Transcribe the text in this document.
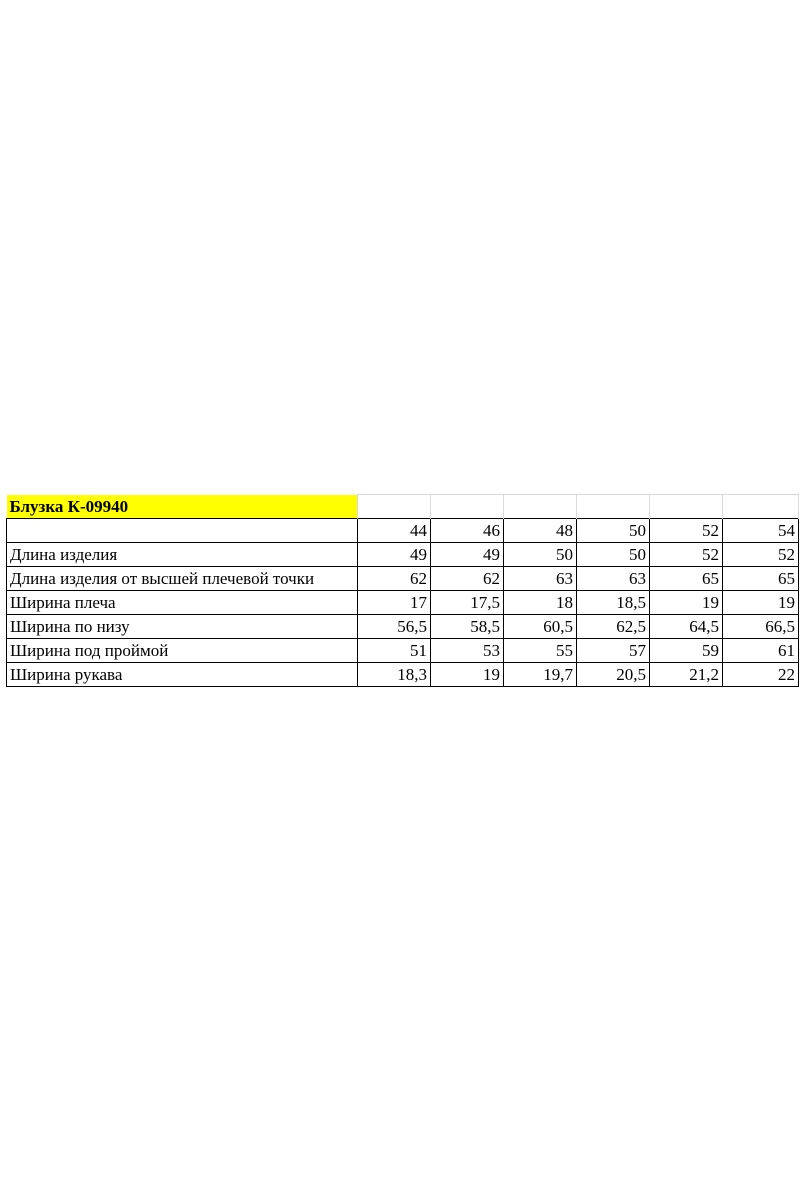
Блузка К-09940						
	44	46	48	50	52	54
Длина изделия	49	49	50	50	52	52
Длина изделия от высшей плечевой точки	62	62	63	63	65	65
Ширина плеча	17	17,5	18	18,5	19	19
Ширина по низу	56,5	58,5	60,5	62,5	64,5	66,5
Ширина под проймой	51	53	55	57	59	61
Ширина рукава	18,3	19	19,7	20,5	21,2	22
